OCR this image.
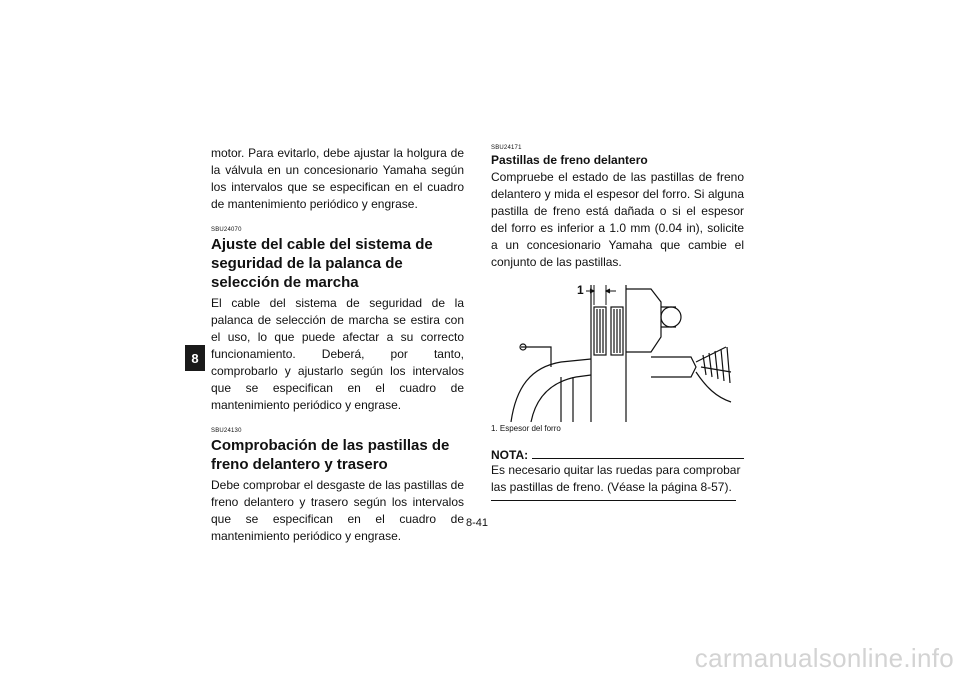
8

motor. Para evitarlo, debe ajustar la holgura de la válvula en un concesionario Yamaha según los intervalos que se especifican en el cuadro de mantenimiento periódico y engrase.

SBU24070
Ajuste del cable del sistema de seguridad de la palanca de selección de marcha

El cable del sistema de seguridad de la palanca de selección de marcha se estira con el uso, lo que puede afectar a su correcto funcionamiento. Deberá, por tanto, comprobarlo y ajustarlo según los intervalos que se especifican en el cuadro de mantenimiento periódico y engrase.

SBU24130
Comprobación de las pastillas de freno delantero y trasero

Debe comprobar el desgaste de las pastillas de freno delantero y trasero según los intervalos que se especifican en el cuadro de mantenimiento periódico y engrase.

SBU24171
Pastillas de freno delantero

Compruebe el estado de las pastillas de freno delantero y mida el espesor del forro. Si alguna pastilla de freno está dañada o si el espesor del forro es inferior a 1.0 mm (0.04 in), solicite a un concesionario Yamaha que cambie el conjunto de las pastillas.

1
1. Espesor del forro
NOTA:

Es necesario quitar las ruedas para comprobar las pastillas de freno. (Véase la página 8-57).

8-41
carmanualsonline.info
